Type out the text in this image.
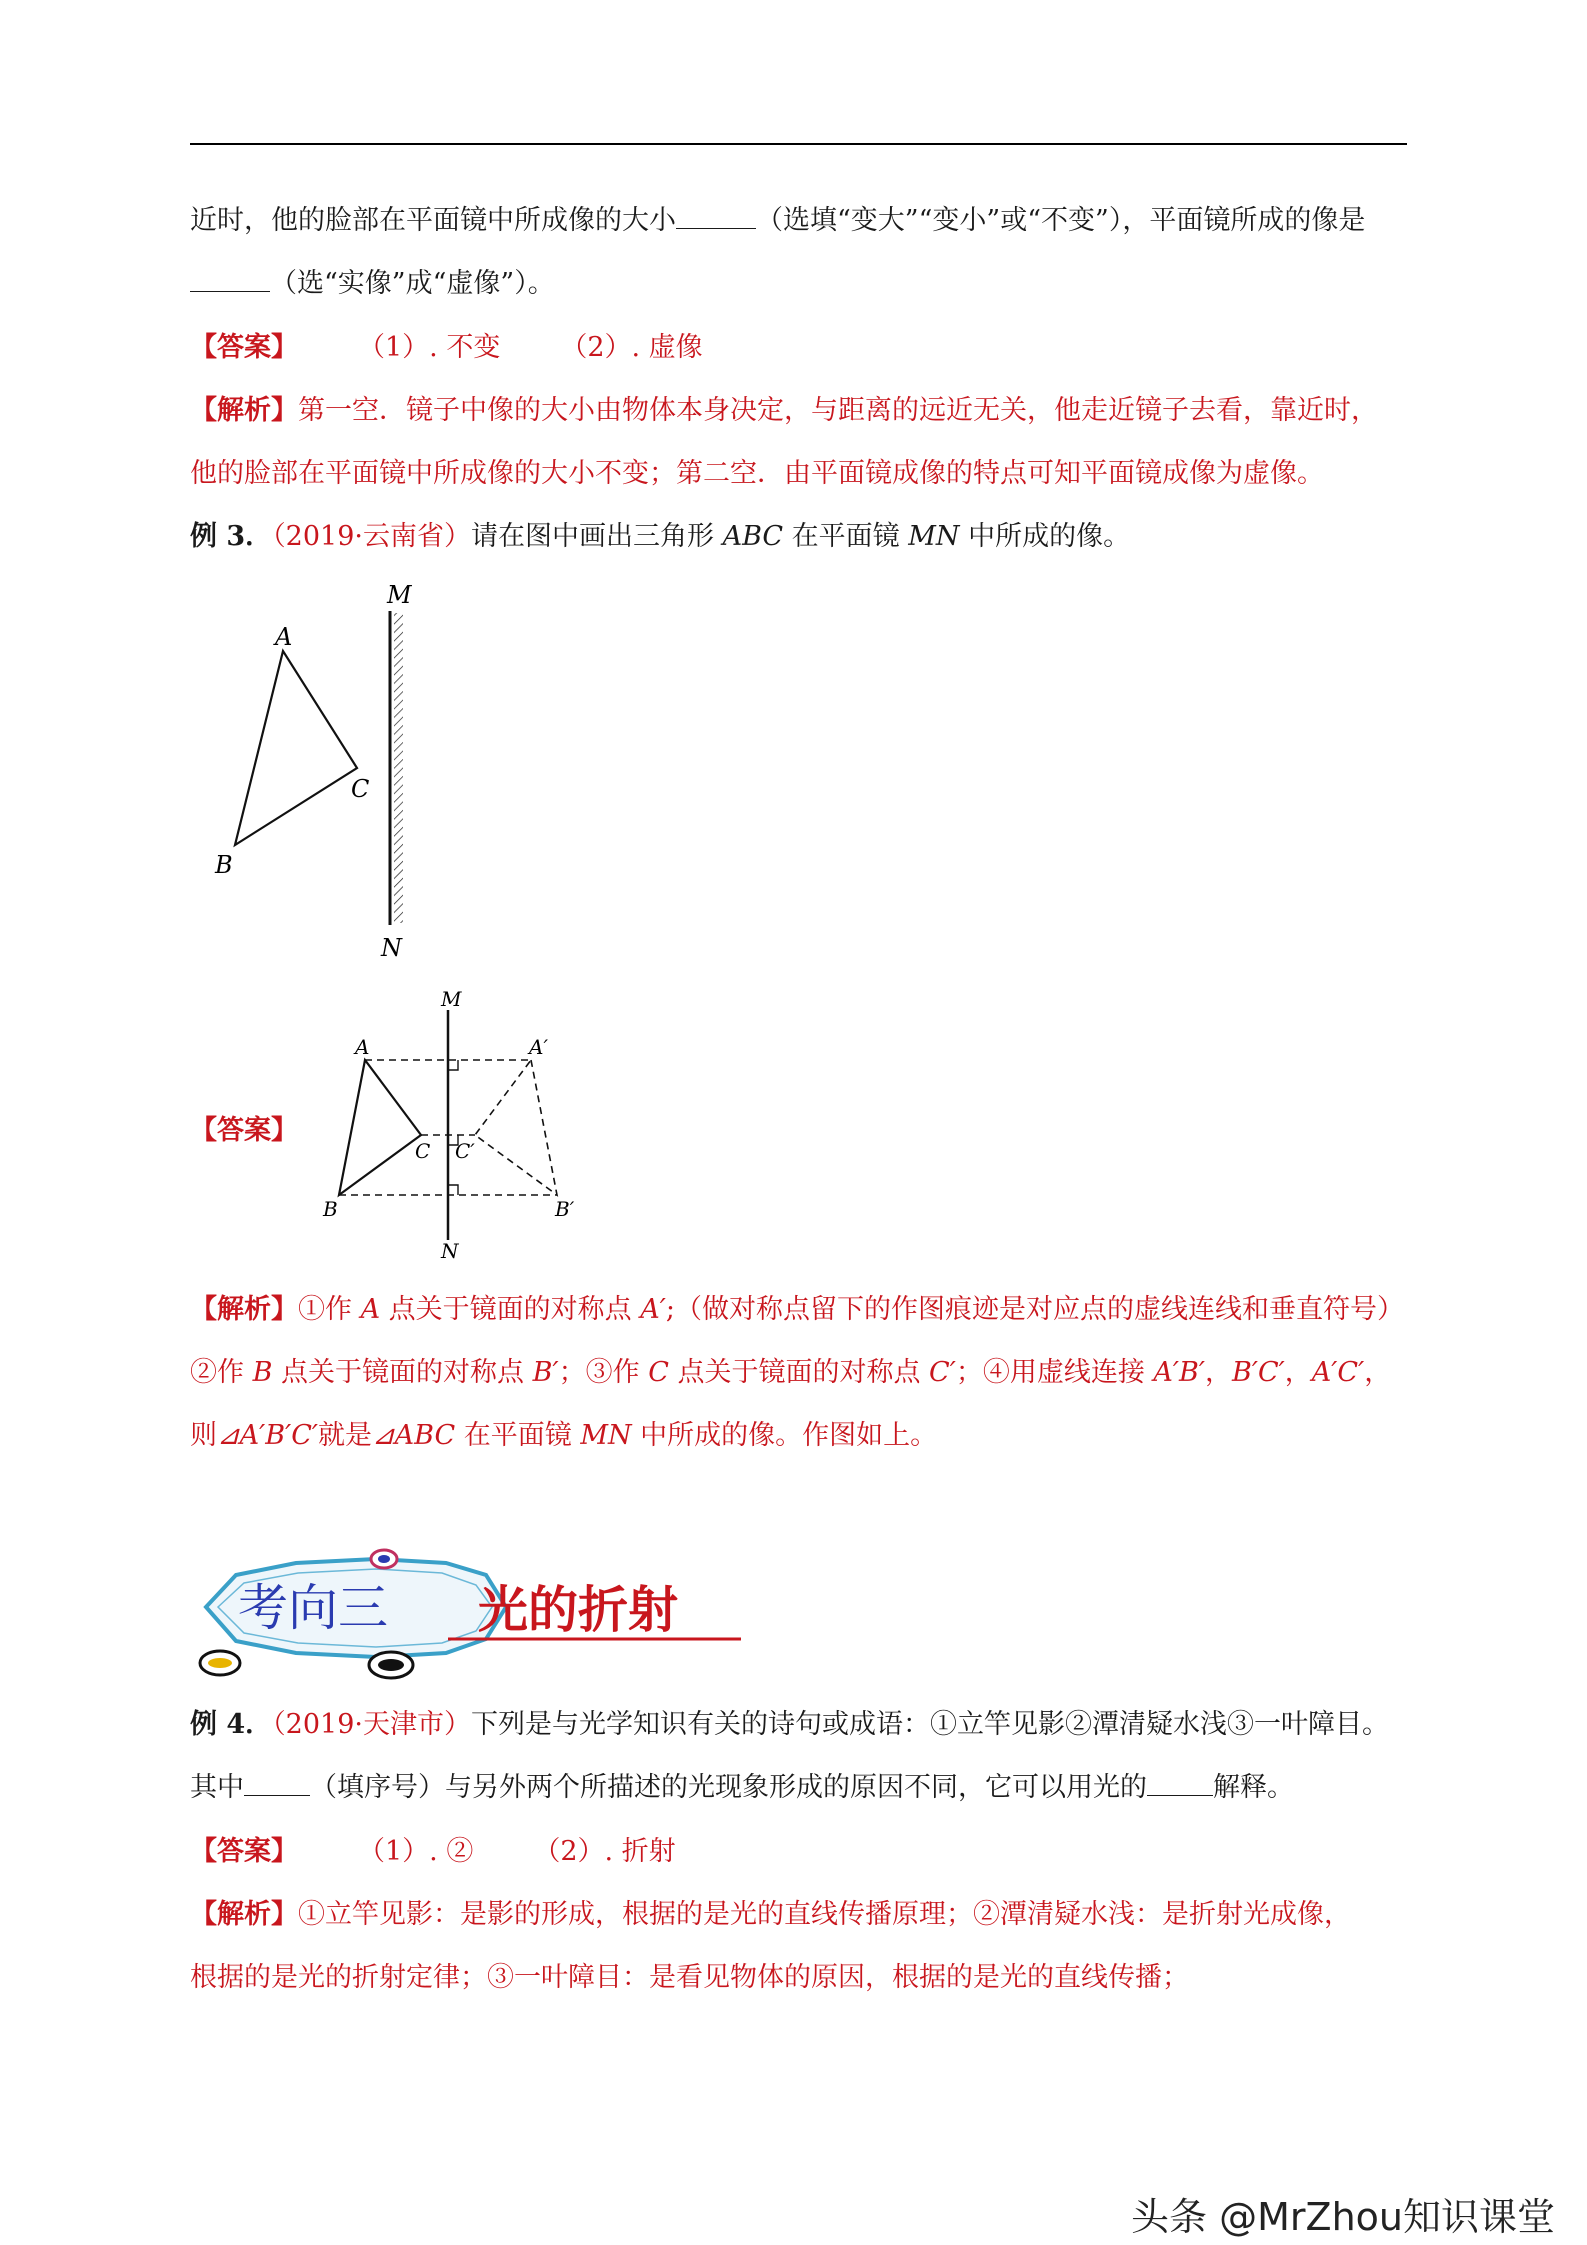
近时，他的脸部在平面镜中所成像的大小	（选填“变大”“变小”或“不变”），平面镜所成的像是
（选“实像”成“虚像”）。
【答案】 （1）. 不变 （2）. 虚像
【解析】第一空．镜子中像的大小由物体本身决定，与距离的远近无关，他走近镜子去看，靠近时，
他的脸部在平面镜中所成像的大小不变；第二空．由平面镜成像的特点可知平面镜成像为虚像。
例 3．（2019·云南省）请在图中画出三角形 ABC 在平面镜 MN 中所成的像。
M
N
A
B
C
【答案】
M
N
A
B
C
A′
B′
C′
【解析】①作 A 点关于镜面的对称点 A′;（做对称点留下的作图痕迹是对应点的虚线连线和垂直符号）
②作 B 点关于镜面的对称点 B′；③作 C 点关于镜面的对称点 C′；④用虚线连接 A′B′，B′C′，A′C′，
则⊿A′B′C′就是⊿ABC 在平面镜 MN 中所成的像。作图如上。
考向三 光的折射
例 4．（2019·天津市）下列是与光学知识有关的诗句或成语：①立竿见影②潭清疑水浅③一叶障目。
其中 （填序号）与另外两个所描述的光现象形成的原因不同，它可以用光的 解释。
【答案】 （1）. ② （2）. 折射
【解析】①立竿见影：是影的形成，根据的是光的直线传播原理；②潭清疑水浅：是折射光成像，
根据的是光的折射定律；③一叶障目：是看见物体的原因，根据的是光的直线传播；
头条 @MrZhou知识课堂
